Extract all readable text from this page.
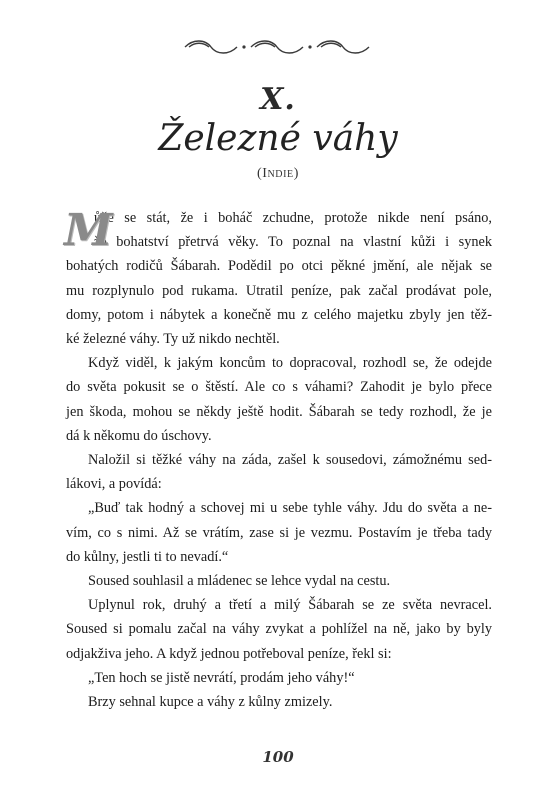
X.
Železné váhy
(Indie)

M
ůže se stát, že i boháč zchudne, protože nikde není psáno,
že bohatství přetrvá věky. To poznal na vlastní kůži i synek
bohatých rodičů Šábarah. Podědil po otci pěkné jmění, ale nějak se
mu rozplynulo pod rukama. Utratil peníze, pak začal prodávat pole,
domy, potom i nábytek a konečně mu z celého majetku zbyly jen těž-
ké železné váhy. Ty už nikdo nechtěl.

Když viděl, k jakým koncům to dopracoval, rozhodl se, že odejde
do světa pokusit se o štěstí. Ale co s váhami? Zahodit je bylo přece
jen škoda, mohou se někdy ještě hodit. Šábarah se tedy rozhodl, že je
dá k někomu do úschovy.

Naložil si těžké váhy na záda, zašel k sousedovi, zámožnému sed-
lákovi, a povídá:

„Buď tak hodný a schovej mi u sebe tyhle váhy. Jdu do světa a ne-
vím, co s nimi. Až se vrátím, zase si je vezmu. Postavím je třeba tady
do kůlny, jestli ti to nevadí.“

Soused souhlasil a mládenec se lehce vydal na cestu.

Uplynul rok, druhý a třetí a milý Šábarah se ze světa nevracel.
Soused si pomalu začal na váhy zvykat a pohlížel na ně, jako by byly
odjakživa jeho. A když jednou potřeboval peníze, řekl si:

„Ten hoch se jistě nevrátí, prodám jeho váhy!“

Brzy sehnal kupce a váhy z kůlny zmizely.

100
